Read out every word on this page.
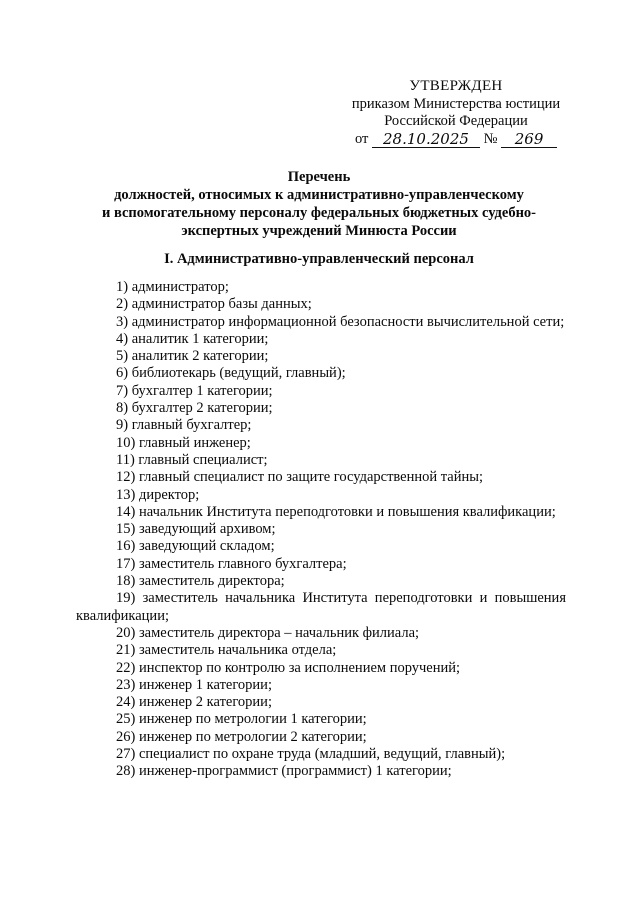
УТВЕРЖДЕН
приказом Министерства юстиции
Российской Федерации
от
28.10.2025
	№
	269
Перечень
должностей, относимых к административно-управленческому
и вспомогательному персоналу федеральных бюджетных судебно-
экспертных учреждений Минюста России
I. Административно-управленческий персонал

1) администратор;

2) администратор базы данных;

3) администратор информационной безопасности вычислительной сети;

4) аналитик 1 категории;

5) аналитик 2 категории;

6) библиотекарь (ведущий, главный);

7) бухгалтер 1 категории;

8) бухгалтер 2 категории;

9) главный бухгалтер;

10) главный инженер;

11) главный специалист;

12) главный специалист по защите государственной тайны;

13) директор;

14) начальник Института переподготовки и повышения квалификации;

15) заведующий архивом;

16) заведующий складом;

17) заместитель главного бухгалтера;

18) заместитель директора;

19) заместитель начальника Института переподготовки и повышения квалификации;

20) заместитель директора – начальник филиала;

21) заместитель начальника отдела;

22) инспектор по контролю за исполнением поручений;

23) инженер 1 категории;

24) инженер 2 категории;

25) инженер по метрологии 1 категории;

26) инженер по метрологии 2 категории;

27) специалист по охране труда (младший, ведущий, главный);

28) инженер-программист (программист) 1 категории;
